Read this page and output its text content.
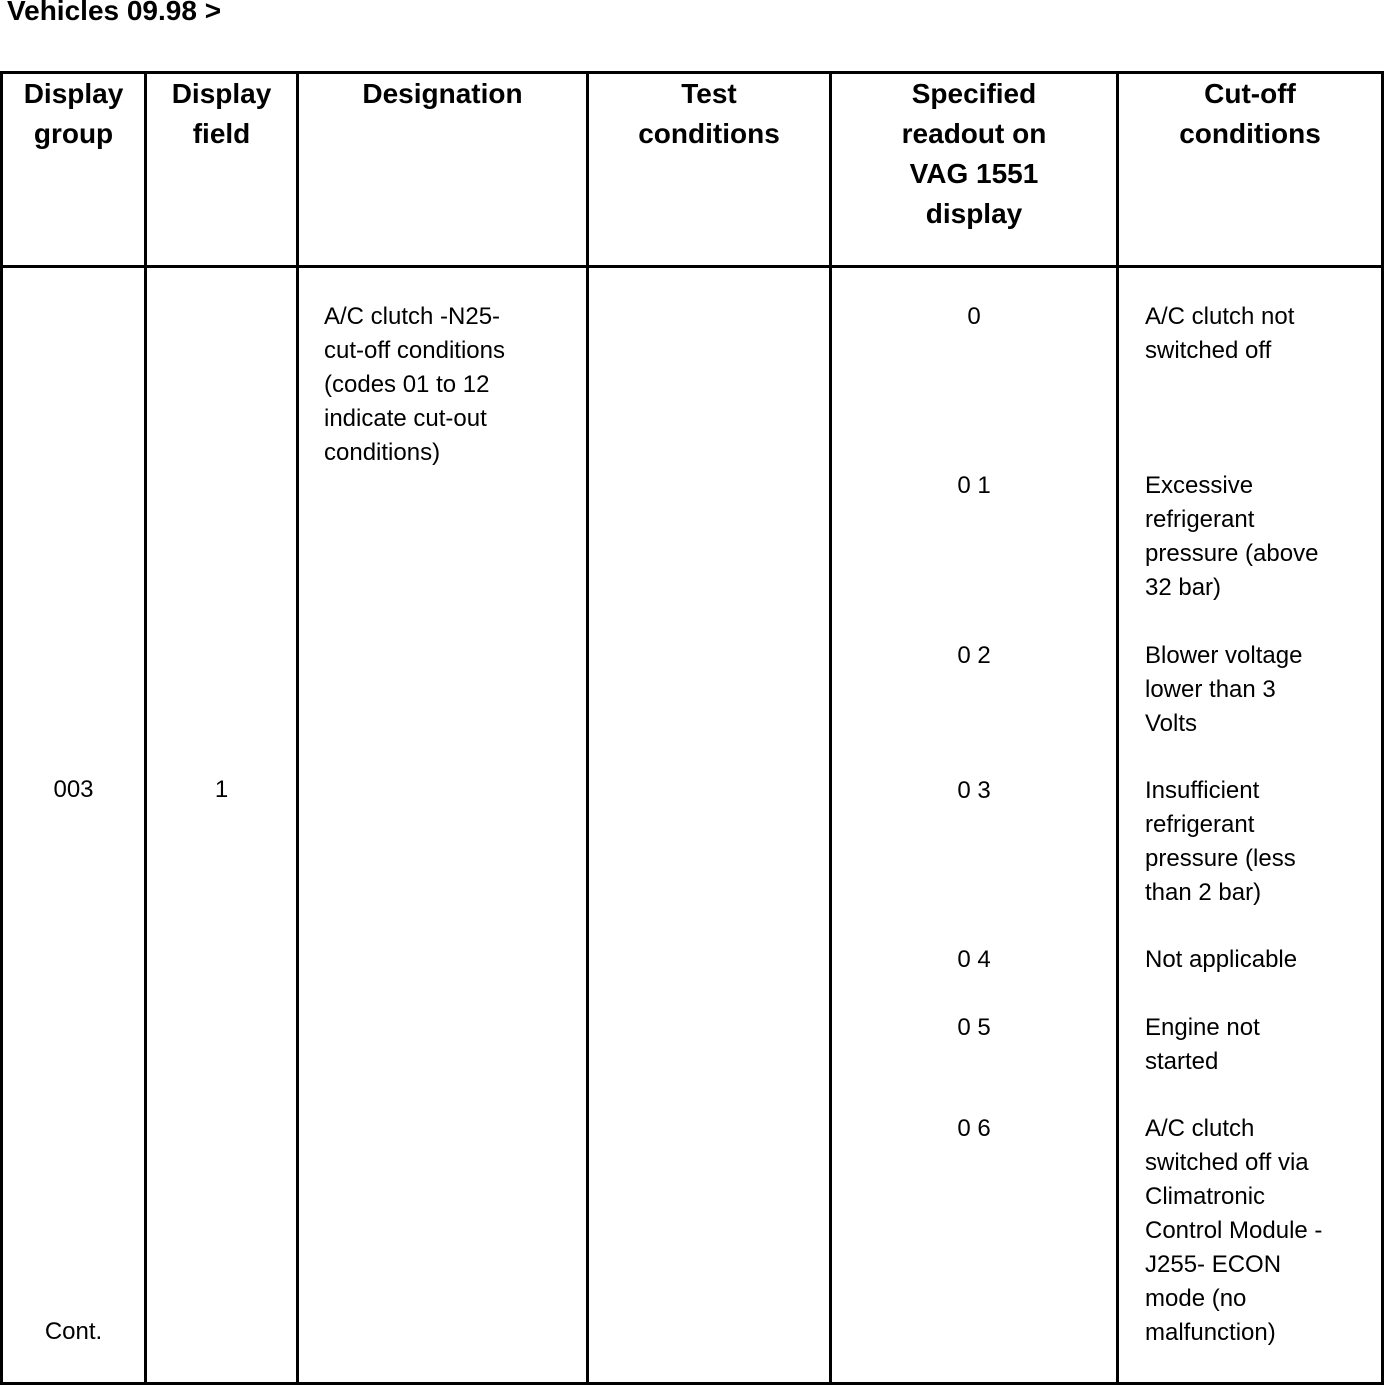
Vehicles 09.98 >
Display
group
Display
field
Designation	Test
conditions
Specified
readout on
VAG 1551
display
Cut-off
conditions
003	1
Cont.
A/C clutch -N25-
cut-off conditions
(codes 01 to 12
indicate cut-out
conditions)
0
0 1
0 2
0 3
0 4
0 5
0 6
A/C clutch not
switched off
Excessive
refrigerant
pressure (above
32 bar)
Blower voltage
lower than 3
Volts
Insufficient
refrigerant
pressure (less
than 2 bar)
Not applicable
Engine not
started
A/C clutch
switched off via
Climatronic
Control Module -
J255- ECON
mode (no
malfunction)
